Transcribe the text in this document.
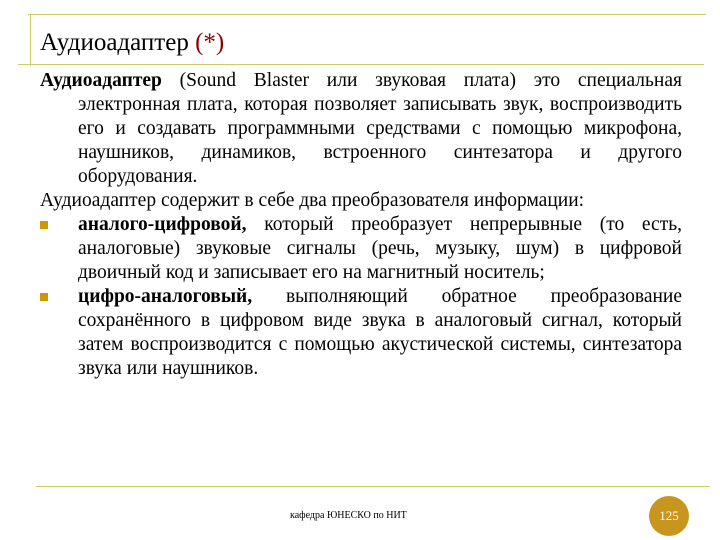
Аудиоадаптер (*)

Аудиоадаптер (Sound Blaster или звуковая плата) это специальная электронная плата, которая позволяет записывать звук, воспроизводить его и создавать программными средствами с помощью микрофона, наушников, динамиков, встроенного синтезатора и другого оборудования.

Аудиоадаптер содержит в себе два преобразователя информации:

аналого-цифровой, который преобразует непрерывные (то есть, аналоговые) звуковые сигналы (речь, музыку, шум) в цифровой двоичный код и записывает его на магнитный носитель;

цифро-аналоговый, выполняющий обратное преобразование сохранённого в цифровом виде звука в аналоговый сигнал, который затем воспроизводится с помощью акустической системы, синтезатора звука или наушников.

кафедра ЮНЕСКО по НИТ	125
